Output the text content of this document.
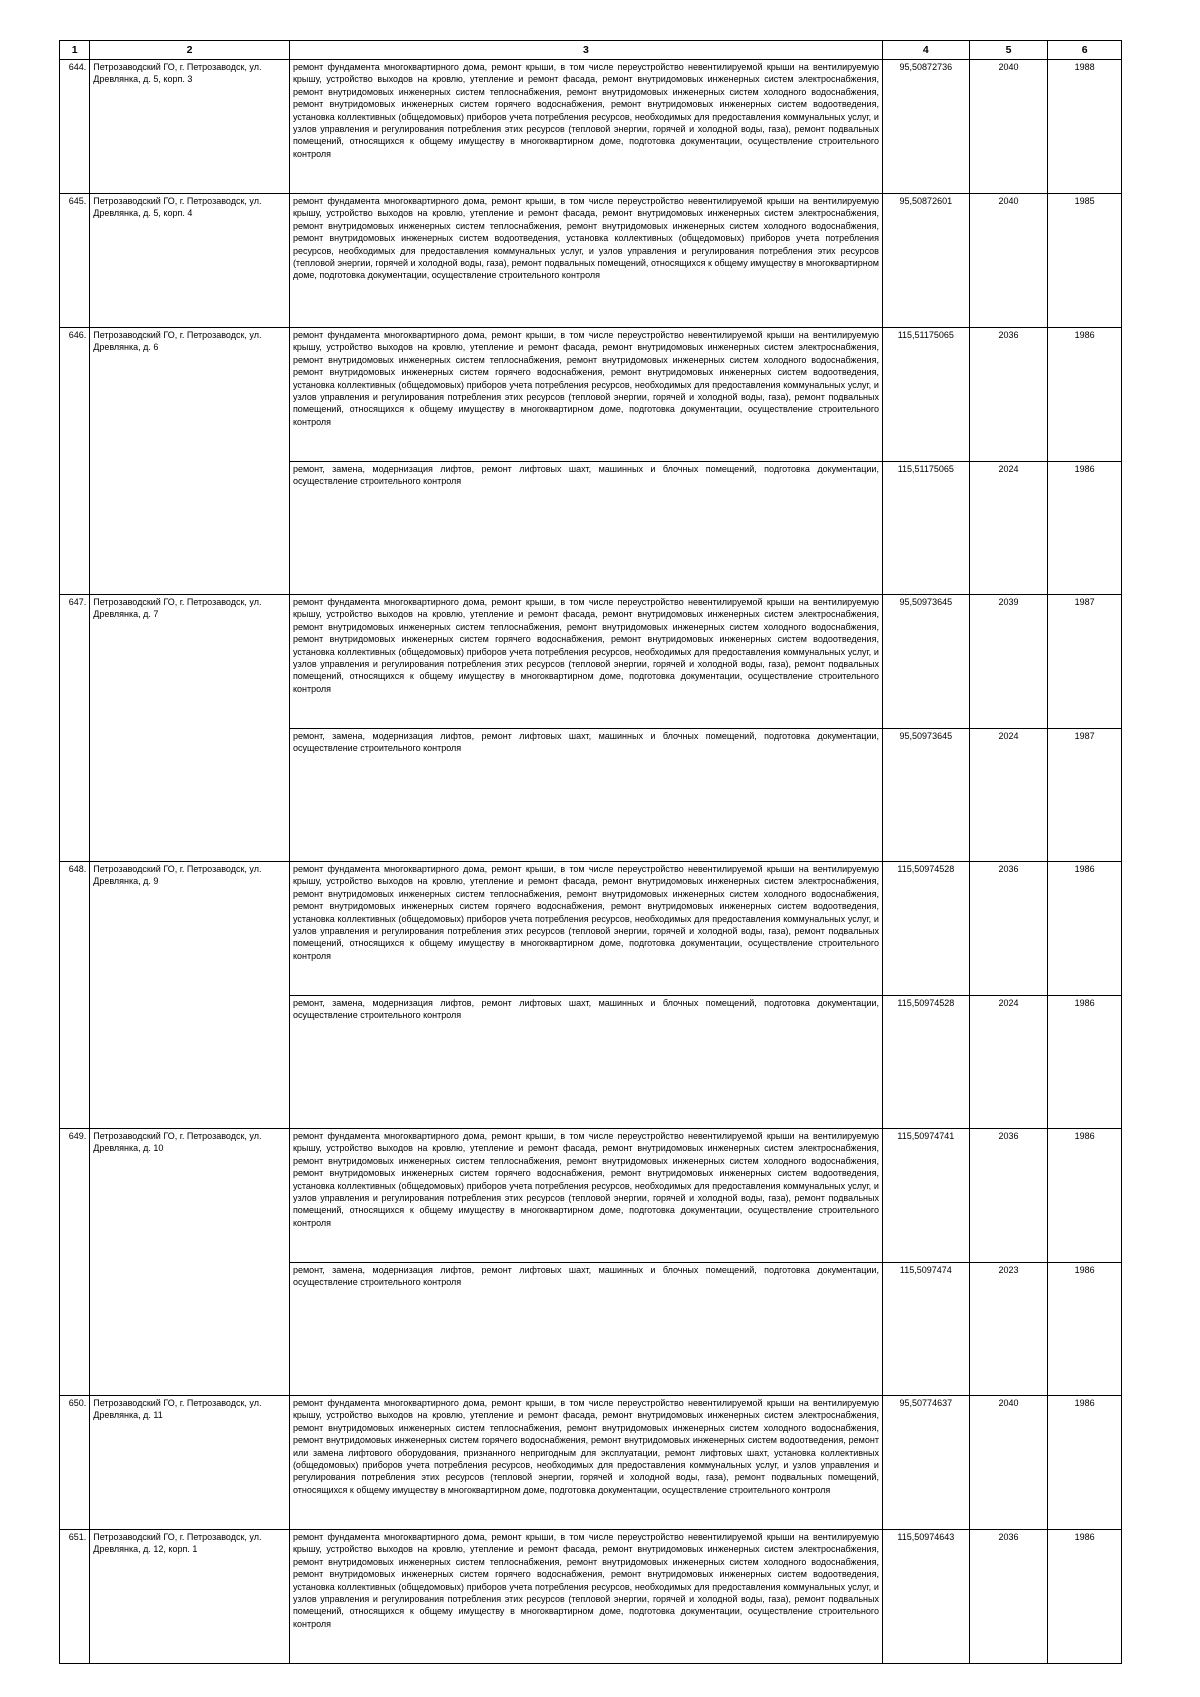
1	2	3	4	5	6
644.	Петрозаводский ГО, г. Петрозаводск, ул. Древлянка, д. 5, корп. 3	ремонт фундамента многоквартирного дома, ремонт крыши, в том числе переустройство невентилируемой крыши на вентилируемую крышу, устройство выходов на кровлю, утепление и ремонт фасада, ремонт внутридомовых инженерных систем электроснабжения, ремонт внутридомовых инженерных систем теплоснабжения, ремонт внутридомовых инженерных систем холодного водоснабжения, ремонт внутридомовых инженерных систем горячего водоснабжения, ремонт внутридомовых инженерных систем водоотведения, установка коллективных (общедомовых) приборов учета потребления ресурсов, необходимых для предоставления коммунальных услуг, и узлов управления и регулирования потребления этих ресурсов (тепловой энергии, горячей и холодной воды, газа), ремонт подвальных помещений, относящихся к общему имуществу в многоквартирном доме, подготовка документации, осуществление строительного контроля	95,50872736	2040	1988
645.	Петрозаводский ГО, г. Петрозаводск, ул. Древлянка, д. 5, корп. 4	ремонт фундамента многоквартирного дома, ремонт крыши, в том числе переустройство невентилируемой крыши на вентилируемую крышу, устройство выходов на кровлю, утепление и ремонт фасада, ремонт внутридомовых инженерных систем электроснабжения, ремонт внутридомовых инженерных систем теплоснабжения, ремонт внутридомовых инженерных систем холодного водоснабжения, ремонт внутридомовых инженерных систем водоотведения, установка коллективных (общедомовых) приборов учета потребления ресурсов, необходимых для предоставления коммунальных услуг, и узлов управления и регулирования потребления этих ресурсов (тепловой энергии, горячей и холодной воды, газа), ремонт подвальных помещений, относящихся к общему имуществу в многоквартирном доме, подготовка документации, осуществление строительного контроля	95,50872601	2040	1985
646.	Петрозаводский ГО, г. Петрозаводск, ул. Древлянка, д. 6	ремонт фундамента многоквартирного дома, ремонт крыши, в том числе переустройство невентилируемой крыши на вентилируемую крышу, устройство выходов на кровлю, утепление и ремонт фасада, ремонт внутридомовых инженерных систем электроснабжения, ремонт внутридомовых инженерных систем теплоснабжения, ремонт внутридомовых инженерных систем холодного водоснабжения, ремонт внутридомовых инженерных систем горячего водоснабжения, ремонт внутридомовых инженерных систем водоотведения, установка коллективных (общедомовых) приборов учета потребления ресурсов, необходимых для предоставления коммунальных услуг, и узлов управления и регулирования потребления этих ресурсов (тепловой энергии, горячей и холодной воды, газа), ремонт подвальных помещений, относящихся к общему имуществу в многоквартирном доме, подготовка документации, осуществление строительного контроля	115,51175065	2036	1986
		ремонт, замена, модернизация лифтов, ремонт лифтовых шахт, машинных и блочных помещений, подготовка документации, осуществление строительного контроля	115,51175065	2024	1986
647.	Петрозаводский ГО, г. Петрозаводск, ул. Древлянка, д. 7	ремонт фундамента многоквартирного дома, ремонт крыши, в том числе переустройство невентилируемой крыши на вентилируемую крышу, устройство выходов на кровлю, утепление и ремонт фасада, ремонт внутридомовых инженерных систем электроснабжения, ремонт внутридомовых инженерных систем теплоснабжения, ремонт внутридомовых инженерных систем холодного водоснабжения, ремонт внутридомовых инженерных систем горячего водоснабжения, ремонт внутридомовых инженерных систем водоотведения, установка коллективных (общедомовых) приборов учета потребления ресурсов, необходимых для предоставления коммунальных услуг, и узлов управления и регулирования потребления этих ресурсов (тепловой энергии, горячей и холодной воды, газа), ремонт подвальных помещений, относящихся к общему имуществу в многоквартирном доме, подготовка документации, осуществление строительного контроля	95,50973645	2039	1987
		ремонт, замена, модернизация лифтов, ремонт лифтовых шахт, машинных и блочных помещений, подготовка документации, осуществление строительного контроля	95,50973645	2024	1987
648.	Петрозаводский ГО, г. Петрозаводск, ул. Древлянка, д. 9	ремонт фундамента многоквартирного дома, ремонт крыши, в том числе переустройство невентилируемой крыши на вентилируемую крышу, устройство выходов на кровлю, утепление и ремонт фасада, ремонт внутридомовых инженерных систем электроснабжения, ремонт внутридомовых инженерных систем теплоснабжения, ремонт внутридомовых инженерных систем холодного водоснабжения, ремонт внутридомовых инженерных систем горячего водоснабжения, ремонт внутридомовых инженерных систем водоотведения, установка коллективных (общедомовых) приборов учета потребления ресурсов, необходимых для предоставления коммунальных услуг, и узлов управления и регулирования потребления этих ресурсов (тепловой энергии, горячей и холодной воды, газа), ремонт подвальных помещений, относящихся к общему имуществу в многоквартирном доме, подготовка документации, осуществление строительного контроля	115,50974528	2036	1986
		ремонт, замена, модернизация лифтов, ремонт лифтовых шахт, машинных и блочных помещений, подготовка документации, осуществление строительного контроля	115,50974528	2024	1986
649.	Петрозаводский ГО, г. Петрозаводск, ул. Древлянка, д. 10	ремонт фундамента многоквартирного дома, ремонт крыши, в том числе переустройство невентилируемой крыши на вентилируемую крышу, устройство выходов на кровлю, утепление и ремонт фасада, ремонт внутридомовых инженерных систем электроснабжения, ремонт внутридомовых инженерных систем теплоснабжения, ремонт внутридомовых инженерных систем холодного водоснабжения, ремонт внутридомовых инженерных систем горячего водоснабжения, ремонт внутридомовых инженерных систем водоотведения, установка коллективных (общедомовых) приборов учета потребления ресурсов, необходимых для предоставления коммунальных услуг, и узлов управления и регулирования потребления этих ресурсов (тепловой энергии, горячей и холодной воды, газа), ремонт подвальных помещений, относящихся к общему имуществу в многоквартирном доме, подготовка документации, осуществление строительного контроля	115,50974741	2036	1986
		ремонт, замена, модернизация лифтов, ремонт лифтовых шахт, машинных и блочных помещений, подготовка документации, осуществление строительного контроля	115,5097474	2023	1986
650.	Петрозаводский ГО, г. Петрозаводск, ул. Древлянка, д. 11	ремонт фундамента многоквартирного дома, ремонт крыши, в том числе переустройство невентилируемой крыши на вентилируемую крышу, устройство выходов на кровлю, утепление и ремонт фасада, ремонт внутридомовых инженерных систем электроснабжения, ремонт внутридомовых инженерных систем теплоснабжения, ремонт внутридомовых инженерных систем холодного водоснабжения, ремонт внутридомовых инженерных систем горячего водоснабжения, ремонт внутридомовых инженерных систем водоотведения, ремонт или замена лифтового оборудования, признанного непригодным для эксплуатации, ремонт лифтовых шахт, установка коллективных (общедомовых) приборов учета потребления ресурсов, необходимых для предоставления коммунальных услуг, и узлов управления и регулирования потребления этих ресурсов (тепловой энергии, горячей и холодной воды, газа), ремонт подвальных помещений, относящихся к общему имуществу в многоквартирном доме, подготовка документации, осуществление строительного контроля	95,50774637	2040	1986
651.	Петрозаводский ГО, г. Петрозаводск, ул. Древлянка, д. 12, корп. 1	ремонт фундамента многоквартирного дома, ремонт крыши, в том числе переустройство невентилируемой крыши на вентилируемую крышу, устройство выходов на кровлю, утепление и ремонт фасада, ремонт внутридомовых инженерных систем электроснабжения, ремонт внутридомовых инженерных систем теплоснабжения, ремонт внутридомовых инженерных систем холодного водоснабжения, ремонт внутридомовых инженерных систем горячего водоснабжения, ремонт внутридомовых инженерных систем водоотведения, установка коллективных (общедомовых) приборов учета потребления ресурсов, необходимых для предоставления коммунальных услуг, и узлов управления и регулирования потребления этих ресурсов (тепловой энергии, горячей и холодной воды, газа), ремонт подвальных помещений, относящихся к общему имуществу в многоквартирном доме, подготовка документации, осуществление строительного контроля	115,50974643	2036	1986
